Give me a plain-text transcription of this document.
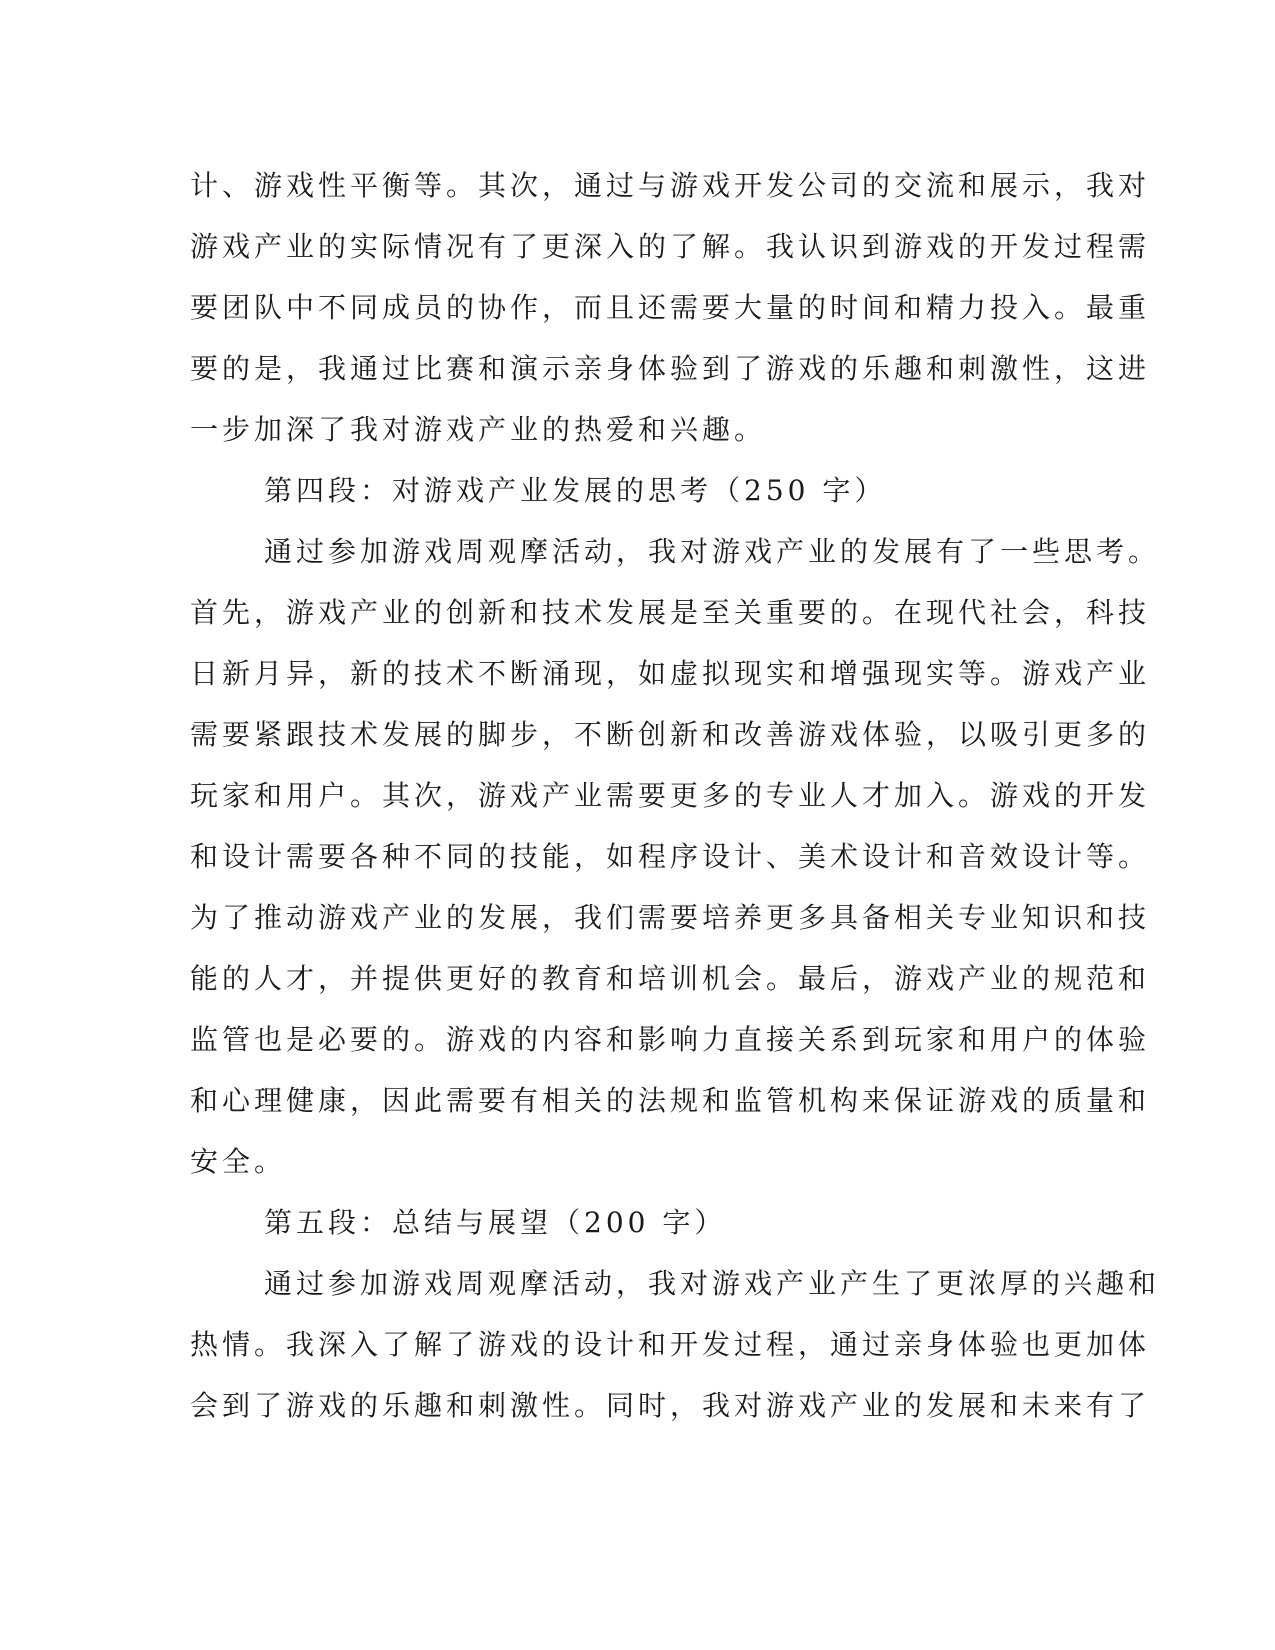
计、游戏性平衡等。其次，通过与游戏开发公司的交流和展示，我对
游戏产业的实际情况有了更深入的了解。我认识到游戏的开发过程需
要团队中不同成员的协作，而且还需要大量的时间和精力投入。最重
要的是，我通过比赛和演示亲身体验到了游戏的乐趣和刺激性，这进
一步加深了我对游戏产业的热爱和兴趣。
第四段：对游戏产业发展的思考（250 字）
通过参加游戏周观摩活动，我对游戏产业的发展有了一些思考。
首先，游戏产业的创新和技术发展是至关重要的。在现代社会，科技
日新月异，新的技术不断涌现，如虚拟现实和增强现实等。游戏产业
需要紧跟技术发展的脚步，不断创新和改善游戏体验，以吸引更多的
玩家和用户。其次，游戏产业需要更多的专业人才加入。游戏的开发
和设计需要各种不同的技能，如程序设计、美术设计和音效设计等。
为了推动游戏产业的发展，我们需要培养更多具备相关专业知识和技
能的人才，并提供更好的教育和培训机会。最后，游戏产业的规范和
监管也是必要的。游戏的内容和影响力直接关系到玩家和用户的体验
和心理健康，因此需要有相关的法规和监管机构来保证游戏的质量和
安全。
第五段：总结与展望（200 字）
通过参加游戏周观摩活动，我对游戏产业产生了更浓厚的兴趣和
热情。我深入了解了游戏的设计和开发过程，通过亲身体验也更加体
会到了游戏的乐趣和刺激性。同时，我对游戏产业的发展和未来有了
